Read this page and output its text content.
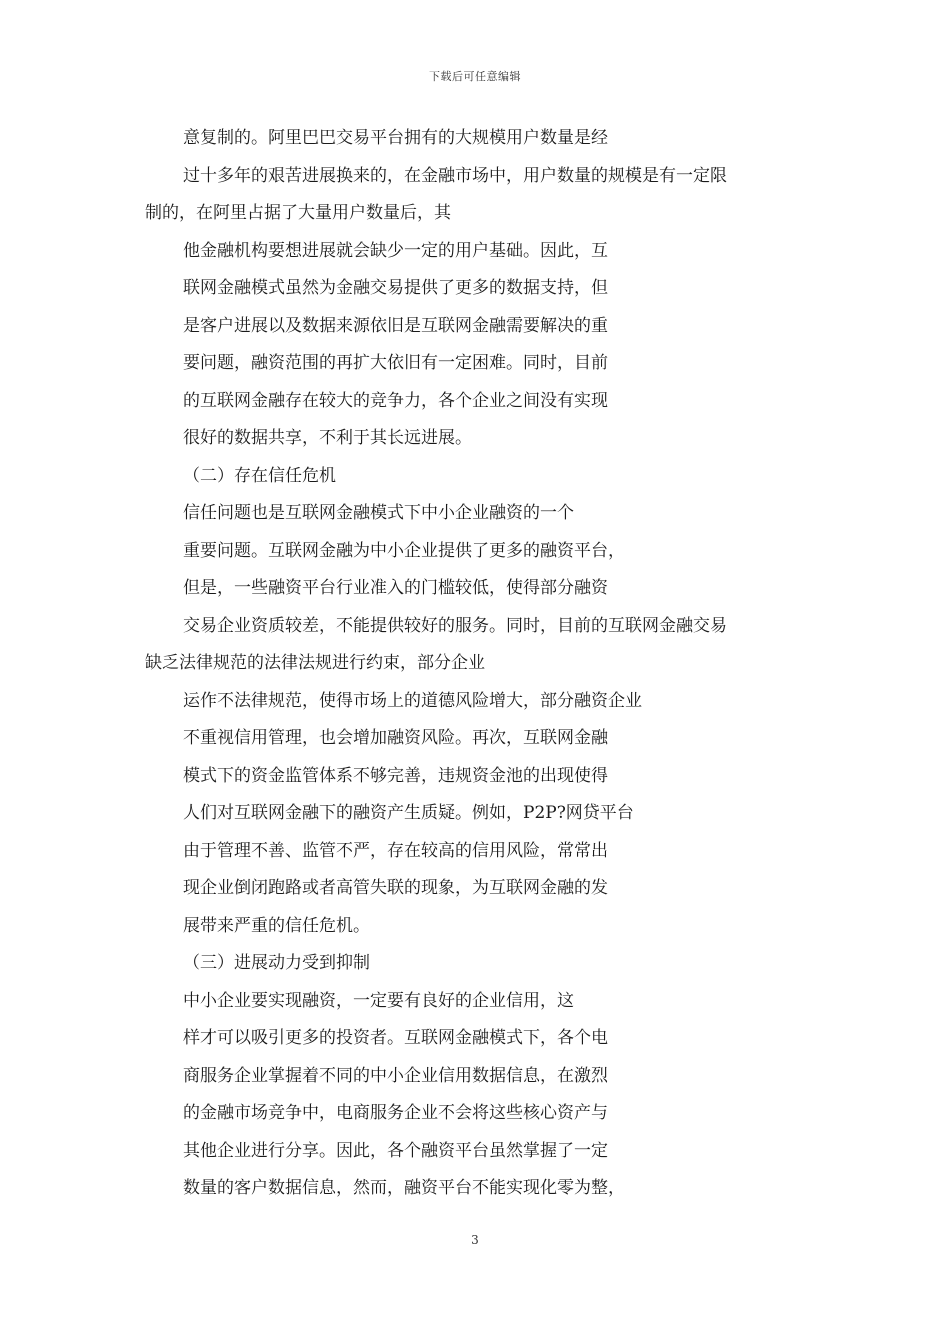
下载后可任意编辑
意复制的。阿里巴巴交易平台拥有的大规模用户数量是经
过十多年的艰苦进展换来的，在金融市场中，用户数量的规模是有一定限
制的，在阿里占据了大量用户数量后，其
他金融机构要想进展就会缺少一定的用户基础。因此，互
联网金融模式虽然为金融交易提供了更多的数据支持，但
是客户进展以及数据来源依旧是互联网金融需要解决的重
要问题，融资范围的再扩大依旧有一定困难。同时，目前
的互联网金融存在较大的竞争力，各个企业之间没有实现
很好的数据共享，不利于其长远进展。
（二）存在信任危机
信任问题也是互联网金融模式下中小企业融资的一个
重要问题。互联网金融为中小企业提供了更多的融资平台，
但是，一些融资平台行业准入的门槛较低，使得部分融资
交易企业资质较差，不能提供较好的服务。同时，目前的互联网金融交易
缺乏法律规范的法律法规进行约束，部分企业
运作不法律规范，使得市场上的道德风险增大，部分融资企业
不重视信用管理，也会增加融资风险。再次，互联网金融
模式下的资金监管体系不够完善，违规资金池的出现使得
人们对互联网金融下的融资产生质疑。例如，P2P?网贷平台
由于管理不善、监管不严，存在较高的信用风险，常常出
现企业倒闭跑路或者高管失联的现象，为互联网金融的发
展带来严重的信任危机。
（三）进展动力受到抑制
中小企业要实现融资，一定要有良好的企业信用，这
样才可以吸引更多的投资者。互联网金融模式下，各个电
商服务企业掌握着不同的中小企业信用数据信息，在激烈
的金融市场竞争中，电商服务企业不会将这些核心资产与
其他企业进行分享。因此，各个融资平台虽然掌握了一定
数量的客户数据信息，然而，融资平台不能实现化零为整，
3
